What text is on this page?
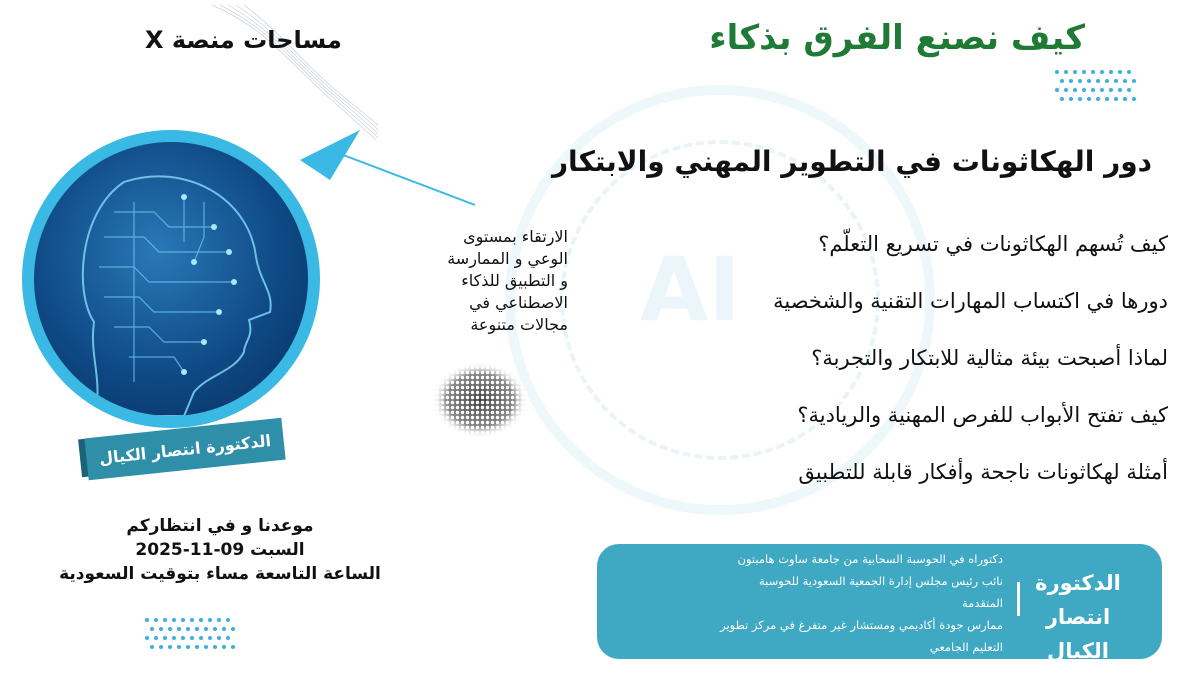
AI
كيف نصنع الفرق بذكاء
مساحات منصة X
الدكتورة انتصار الكيال
الارتقاء بمستوى
الوعي و الممارسة
و التطبيق للذكاء
الاصطناعي في
مجالات متنوعة
دور الهكاثونات في التطوير المهني والابتكار
كيف تُسهم الهكاثونات في تسريع التعلّم؟
دورها في اكتساب المهارات التقنية والشخصية
لماذا أصبحت بيئة مثالية للابتكار والتجربة؟
كيف تفتح الأبواب للفرص المهنية والريادية؟
أمثلة لهكاثونات ناجحة وأفكار قابلة للتطبيق
موعدنا و في انتظاركم
السبت 09-11-2025
الساعة التاسعة مساء بتوقيت السعودية	الدكتورة
انتصار الكيال
دكتوراه في الحوسبة السحابية من جامعة ساوث هامبتون
نائب رئيس مجلس إدارة الجمعية السعودية للحوسبة
المتقدمة
ممارس جودة أكاديمي ومستشار غير متفرغ في مركز تطوير
التعليم الجامعي
